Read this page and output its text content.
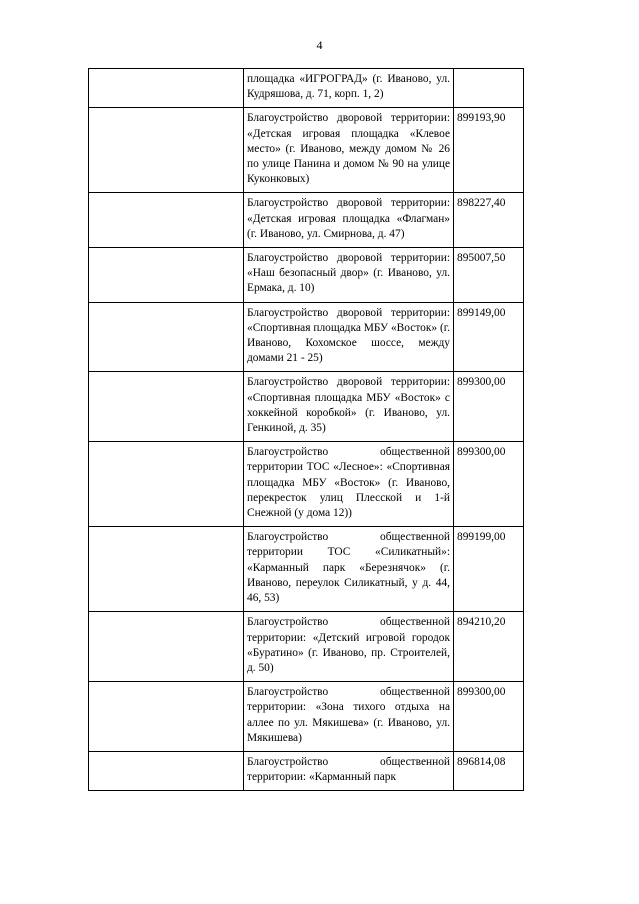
4
	площадка «ИГРОГРАД» (г. Иваново, ул. Кудряшова, д. 71, корп. 1, 2)	
	Благоустройство дворовой территории: «Детская игровая площадка «Клевое место» (г. Иваново, между домом № 26 по улице Панина и домом № 90 на улице Куконковых)	899193,90
	Благоустройство дворовой территории: «Детская игровая площадка «Флагман» (г. Иваново, ул. Смирнова, д. 47)	898227,40
	Благоустройство дворовой территории: «Наш безопасный двор» (г. Иваново, ул. Ермака, д. 10)	895007,50
	Благоустройство дворовой территории: «Спортивная площадка МБУ «Восток» (г. Иваново, Кохомское шоссе, между домами 21 - 25)	899149,00
	Благоустройство дворовой территории: «Спортивная площадка МБУ «Восток» с хоккейной коробкой» (г. Иваново, ул. Генкиной, д. 35)	899300,00
	Благоустройство общественной территории ТОС «Лесное»: «Спортивная площадка МБУ «Восток» (г. Иваново, перекресток улиц Плесской и 1-й Снежной (у дома 12))	899300,00
	Благоустройство общественной территории ТОС «Силикатный»: «Карманный парк «Березнячок» (г. Иваново, переулок Силикатный, у д. 44, 46, 53)	899199,00
	Благоустройство общественной территории: «Детский игровой городок «Буратино» (г. Иваново, пр. Строителей, д. 50)	894210,20
	Благоустройство общественной территории: «Зона тихого отдыха на аллее по ул. Мякишева» (г. Иваново, ул. Мякишева)	899300,00
	Благоустройство общественной территории: «Карманный парк	896814,08
